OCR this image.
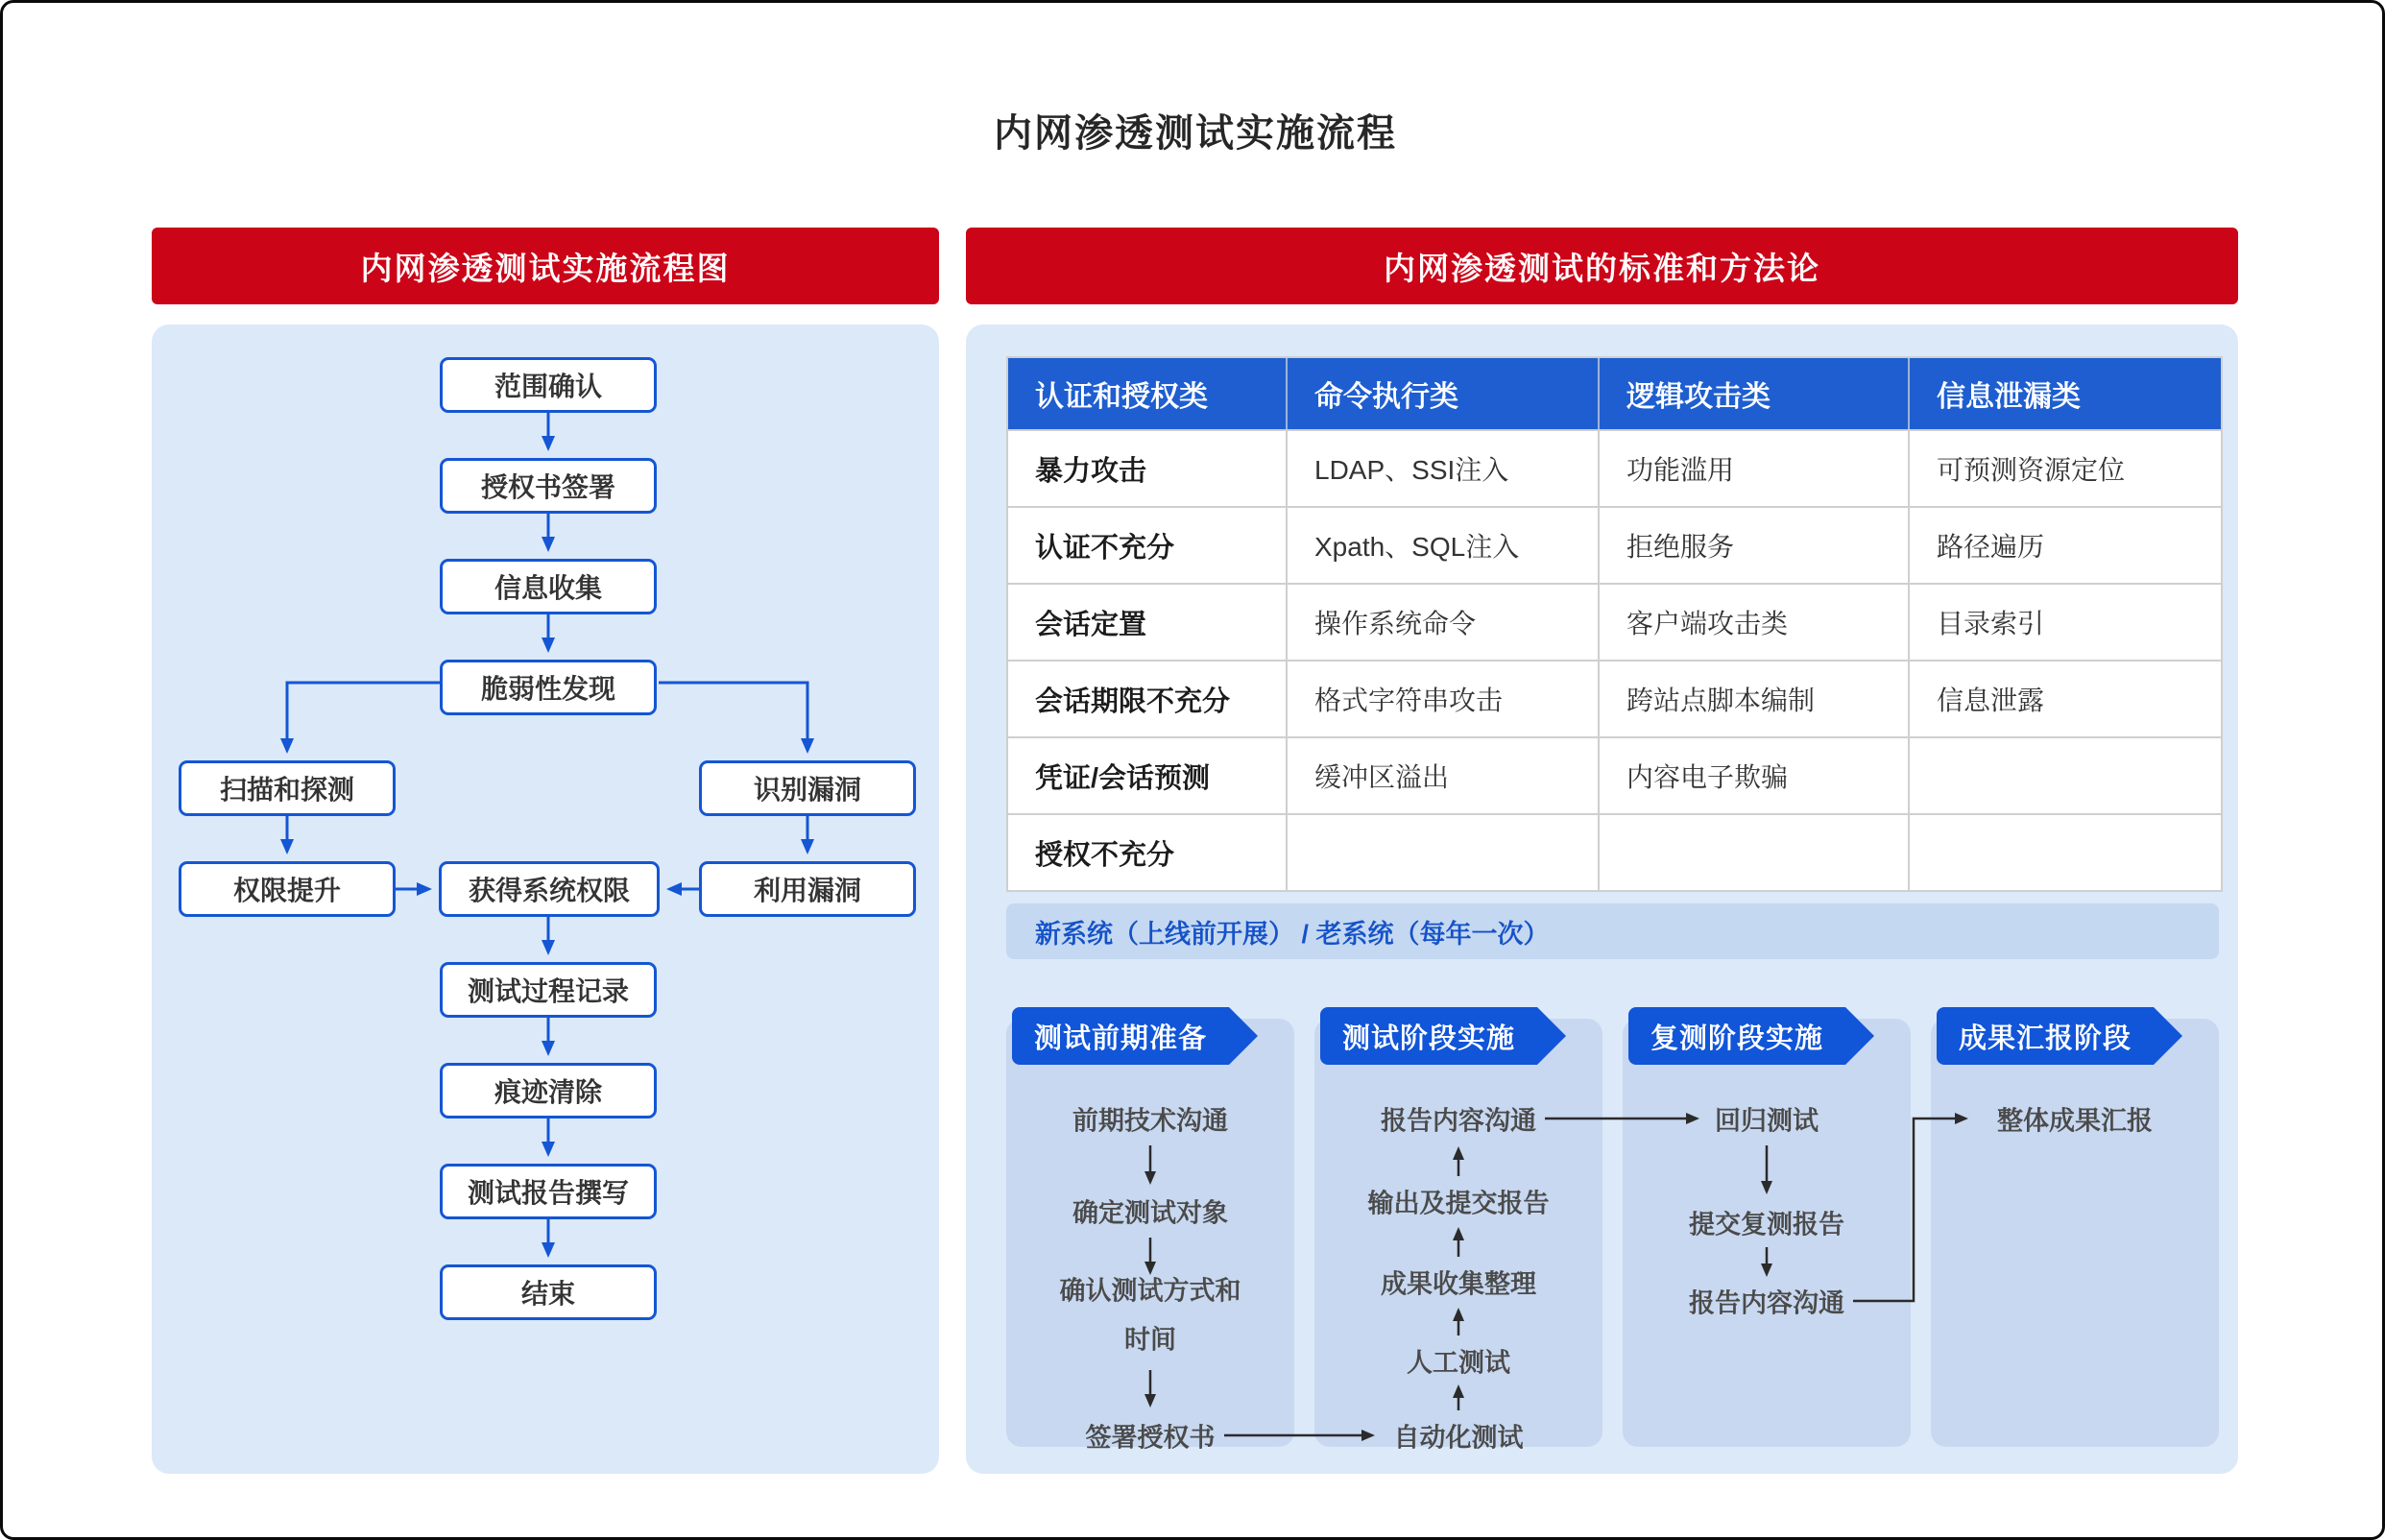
内网渗透测试实施流程
内网渗透测试实施流程图	内网渗透测试的标准和方法论
范围确认
授权书签署
信息收集
脆弱性发现
扫描和探测	识别漏洞
权限提升	获得系统权限	利用漏洞
测试过程记录
痕迹清除
测试报告撰写
结束
认证和授权类	命令执行类	逻辑攻击类	信息泄漏类
暴力攻击	LDAP、SSI注入	功能滥用	可预测资源定位
认证不充分	Xpath、SQL注入	拒绝服务	路径遍历
会话定置	操作系统命令	客户端攻击类	目录索引
会话期限不充分	格式字符串攻击	跨站点脚本编制	信息泄露
凭证/会话预测	缓冲区溢出	内容电子欺骗
授权不充分
新系统（上线前开展） / 老系统（每年一次）
测试前期准备	测试阶段实施	复测阶段实施	成果汇报阶段
前期技术沟通
确定测试对象
确认测试方式和时间
签署授权书
报告内容沟通
输出及提交报告
成果收集整理
人工测试
自动化测试
回归测试
提交复测报告
报告内容沟通
整体成果汇报
